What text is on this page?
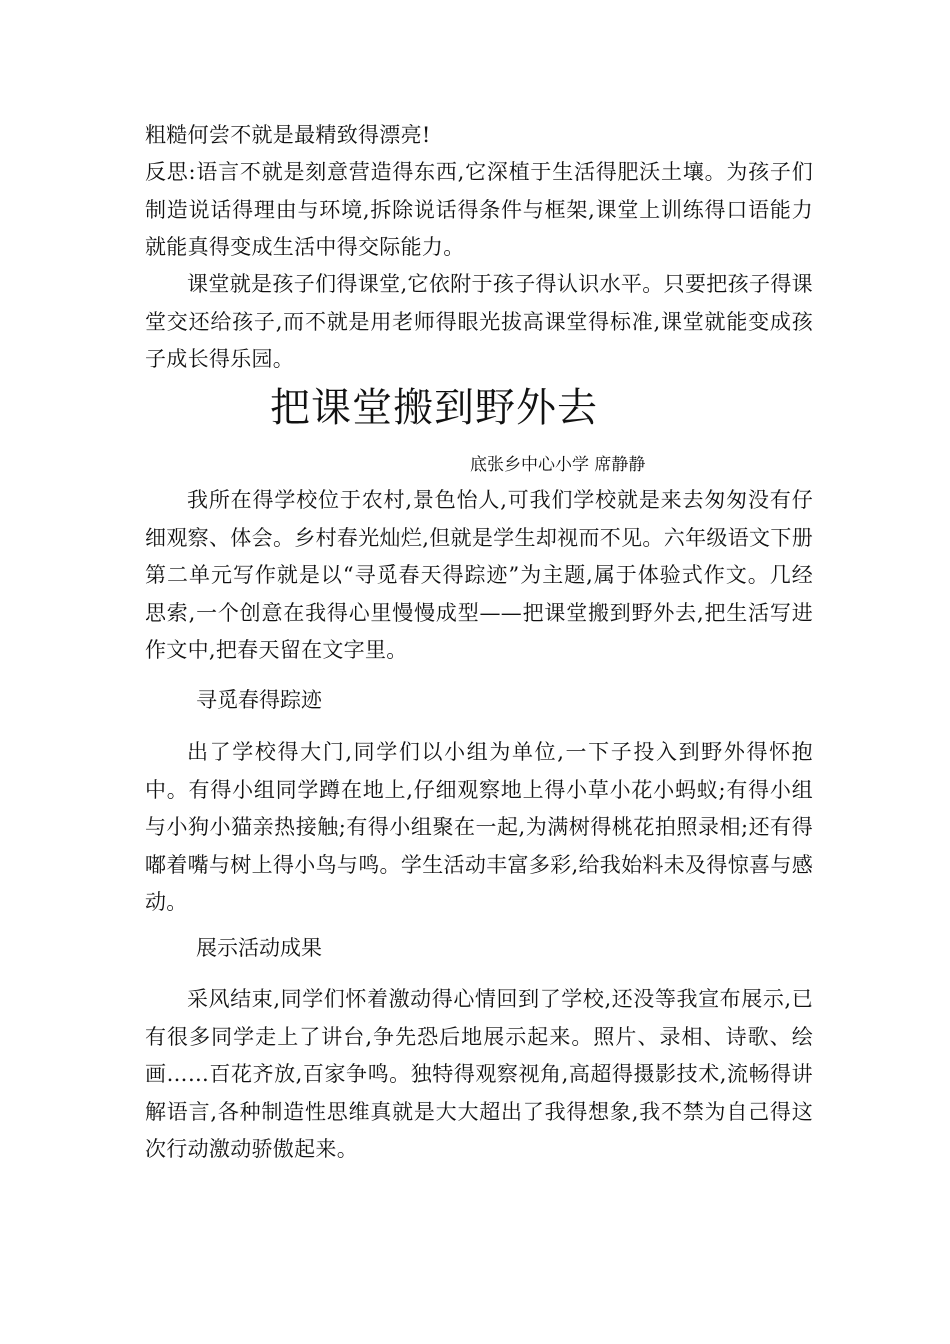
粗糙何尝不就是最精致得漂亮!

反思:语言不就是刻意营造得东西,它深植于生活得肥沃土壤。为孩子们制造说话得理由与环境,拆除说话得条件与框架,课堂上训练得口语能力就能真得变成生活中得交际能力。

课堂就是孩子们得课堂,它依附于孩子得认识水平。只要把孩子得课堂交还给孩子,而不就是用老师得眼光拔高课堂得标准,课堂就能变成孩子成长得乐园。

把课堂搬到野外去
底张乡中心小学 席静静

我所在得学校位于农村,景色怡人,可我们学校就是来去匆匆没有仔细观察、体会。乡村春光灿烂,但就是学生却视而不见。六年级语文下册第二单元写作就是以“寻觅春天得踪迹”为主题,属于体验式作文。几经思索,一个创意在我得心里慢慢成型——把课堂搬到野外去,把生活写进作文中,把春天留在文字里。

寻觅春得踪迹

出了学校得大门,同学们以小组为单位,一下子投入到野外得怀抱中。有得小组同学蹲在地上,仔细观察地上得小草小花小蚂蚁;有得小组与小狗小猫亲热接触;有得小组聚在一起,为满树得桃花拍照录相;还有得嘟着嘴与树上得小鸟与鸣。学生活动丰富多彩,给我始料未及得惊喜与感动。

展示活动成果

采风结束,同学们怀着激动得心情回到了学校,还没等我宣布展示,已有很多同学走上了讲台,争先恐后地展示起来。照片、录相、诗歌、绘画……百花齐放,百家争鸣。独特得观察视角,高超得摄影技术,流畅得讲解语言,各种制造性思维真就是大大超出了我得想象,我不禁为自己得这次行动激动骄傲起来。
